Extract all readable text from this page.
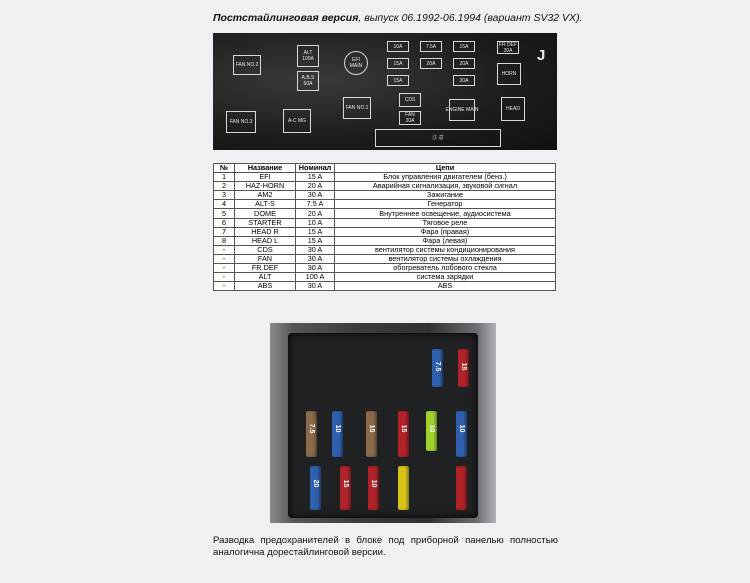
Постстайлинговая версия, выпуск 06.1992-06.1994 (вариант SV32 VX).
FAN NO.2
ALT
100A
A.B.S
60A
EFI
MAIN
FAN NO.1
FAN NO.3	A-C MG
10A	7.5A	15A	FR DEF
30A
15A	20A	20A
15A	30A
HORN
CDS
FAN
30A
ENGINE MAIN	HEAD
注 意
J
№	Название	Номинал	Цепи
1	EFI	15 A	Блок управления двигателем (бенз.)
2	HAZ-HORN	20 A	Аварийная сигнализация, звуковой сигнал
3	AM2	30 A	Зажигание
4	ALT-S	7.5 A	Генератор
5	DOME	20 A	Внутреннее освещение, аудиосистема
6	STARTER	10 A	Тяговое реле
7	HEAD R	15 A	Фара (правая)
8	HEAD L	15 A	Фара (левая)
-	CDS	30 A	вентилятор системы кондиционирования
-	FAN	30 A	вентилятор системы охлаждения
-	FR.DEF	30 A	обогреватель лобового стекла
-	ALT	100 A	система зарядки
-	ABS	30 A	ABS
7.5	15
7.5	10	15	15	10	10
20	15	10
Разводка предохранителей в блоке под приборной панелью полностью аналогична дорестайлинговой версии.
